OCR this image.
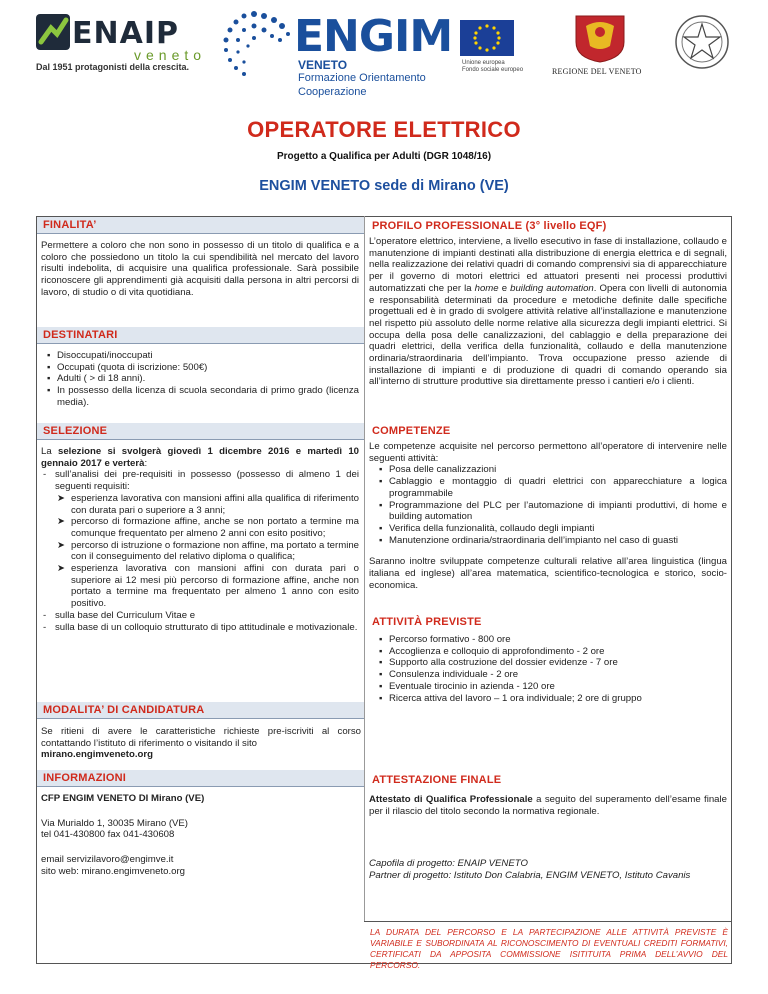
ENAIP
veneto
Dal 1951 protagonisti della crescita.
ENGIM
VENETO
Formazione Orientamento
Cooperazione
Unione europea
Fondo sociale europeo	REGIONE DEL VENETO
OPERATORE ELETTRICO
Progetto a Qualifica per Adulti (DGR 1048/16)
ENGIM VENETO sede di Mirano (VE)
FINALITA’
Permettere a coloro che non sono in possesso di un titolo di qualifica e a coloro che possiedono un titolo la cui spendibilità nel mercato del lavoro risulti indebolita, di acquisire una qualifica professionale. Sarà possibile riconoscere gli apprendimenti già acquisiti dalla persona in altri percorsi di lavoro, di studio o di vita quotidiana.
DESTINATARI
▪ Disoccupati/inoccupati
▪ Occupati (quota di iscrizione: 500€)
▪ Adulti ( > di 18 anni).
▪ In possesso della licenza di scuola secondaria di primo grado (licenza media).
SELEZIONE
La selezione si svolgerà giovedì 1 dicembre 2016 e martedì 10 gennaio 2017 e verterà:
- sull’analisi dei pre-requisiti in possesso (possesso di almeno 1 dei seguenti requisiti:
➤ esperienza lavorativa con mansioni affini alla qualifica di riferimento con durata pari o superiore a 3 anni;
➤ percorso di formazione affine, anche se non portato a termine ma comunque frequentato per almeno 2 anni con esito positivo;
➤ percorso di istruzione o formazione non affine, ma portato a termine con il conseguimento del relativo diploma o qualifica;
➤ esperienza lavorativa con mansioni affini con durata pari o superiore ai 12 mesi più percorso di formazione affine, anche non portato a termine ma frequentato per almeno 1 anno con esito positivo.
- sulla base del Curriculum Vitae e
- sulla base di un colloquio strutturato di tipo attitudinale e motivazionale.
MODALITA’ DI CANDIDATURA
Se ritieni di avere le caratteristiche richieste pre-iscriviti al corso contattando l’istituto di riferimento o visitando il sito
mirano.engimveneto.org
PROFILO PROFESSIONALE (3° livello EQF)
L’operatore elettrico, interviene, a livello esecutivo in fase di installazione, collaudo e manutenzione di impianti destinati alla distribuzione di energia elettrica e di segnali, nella realizzazione dei relativi quadri di comando comprensivi sia di apparecchiature per il governo di motori elettrici ed attuatori presenti nei processi produttivi automatizzati che per la home e building automation. Opera con livelli di autonomia e responsabilità determinati da procedure e metodiche definite dalle specifiche progettuali ed è in grado di svolgere attività relative all’installazione e manutenzione nel rispetto più assoluto delle norme relative alla sicurezza degli impianti elettrici. Si occupa della posa delle canalizzazioni, del cablaggio e della preparazione dei quadri elettrici, della verifica della funzionalità, collaudo e della manutenzione ordinaria/straordinaria dell’impianto. Trova occupazione presso aziende di installazione di impianti e di produzione di quadri di comando operando sia all’interno di strutture produttive sia direttamente presso i cantieri e/o i clienti.
COMPETENZE
Le competenze acquisite nel percorso permettono all’operatore di intervenire nelle seguenti attività:
▪ Posa delle canalizzazioni
▪ Cablaggio e montaggio di quadri elettrici con apparecchiature a logica programmabile
▪ Programmazione del PLC per l’automazione di impianti produttivi, di home e building automation
▪ Verifica della funzionalità, collaudo degli impianti
▪ Manutenzione ordinaria/straordinaria dell’impianto nel caso di guasti
Saranno inoltre sviluppate competenze culturali relative all’area linguistica (lingua italiana ed inglese) all’area matematica, scientifico-tecnologica e storico, socio-economica.
ATTIVITÀ PREVISTE
▪ Percorso formativo - 800 ore
▪ Accoglienza e colloquio di approfondimento - 2 ore
▪ Supporto alla costruzione del dossier evidenze - 7 ore
▪ Consulenza individuale - 2 ore
▪ Eventuale tirocinio in azienda - 120 ore
▪ Ricerca attiva del lavoro – 1 ora individuale; 2 ore di gruppo
INFORMAZIONI	ATTESTAZIONE FINALE
CFP ENGIM VENETO DI Mirano (VE)
Via Murialdo 1, 30035 Mirano (VE)
tel 041-430800 fax 041-430608
email servizilavoro@engimve.it
sito web: mirano.engimveneto.org
Attestato di Qualifica Professionale a seguito del superamento dell’esame finale per il rilascio del titolo secondo la normativa regionale.
Capofila di progetto: ENAIP VENETO
Partner di progetto: Istituto Don Calabria, ENGIM VENETO, Istituto Cavanis
LA DURATA DEL PERCORSO E LA PARTECIPAZIONE ALLE ATTIVITÀ PREVISTE È VARIABILE E SUBORDINATA AL RICONOSCIMENTO DI EVENTUALI CREDITI FORMATIVI, CERTIFICATI DA APPOSITA COMMISSIONE ISITITUITA PRIMA DELL’AVVIO DEL PERCORSO.
